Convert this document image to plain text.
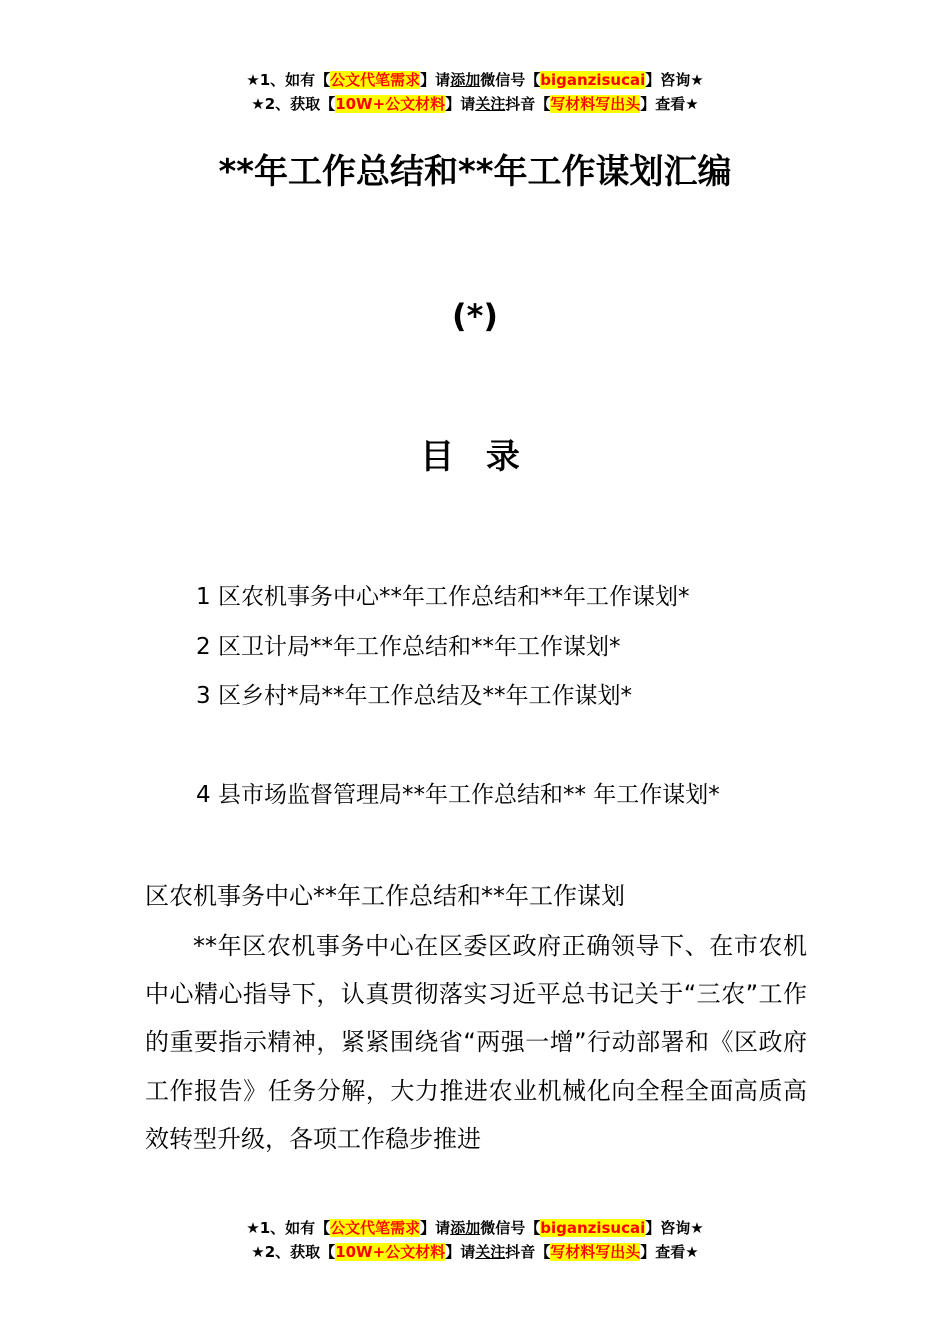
★1、如有【公文代笔需求】请添加微信号【biganzisucai】咨询★
★2、获取【10W+公文材料】请关注抖音【写材料写出头】查看★
**年工作总结和**年工作谋划汇编
(*)
目 录
1 区农机事务中心**年工作总结和**年工作谋划*
2 区卫计局**年工作总结和**年工作谋划*
3 区乡村*局**年工作总结及**年工作谋划*
4 县市场监督管理局**年工作总结和** 年工作谋划*
区农机事务中心**年工作总结和**年工作谋划

**年区农机事务中心在区委区政府正确领导下、在市农机中心精心指导下，认真贯彻落实习近平总书记关于“三农”工作的重要指示精神，紧紧围绕省“两强一增”行动部署和《区政府工作报告》任务分解，大力推进农业机械化向全程全面高质高效转型升级，各项工作稳步推进

★1、如有【公文代笔需求】请添加微信号【biganzisucai】咨询★
★2、获取【10W+公文材料】请关注抖音【写材料写出头】查看★
